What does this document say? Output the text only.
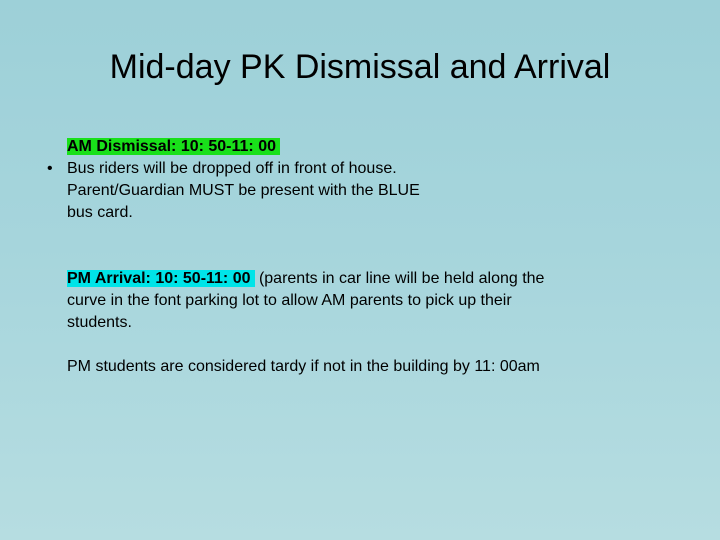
Mid-day PK Dismissal and Arrival

AM Dismissal: 10: 50-11: 00

• Bus riders will be dropped off in front of house. Parent/Guardian MUST be present with the BLUE bus card.

PM Arrival: 10: 50-11: 00 (parents in car line will be held along the curve in the font parking lot to allow AM parents to pick up their students.

PM students are considered tardy if not in the building by 11: 00am
